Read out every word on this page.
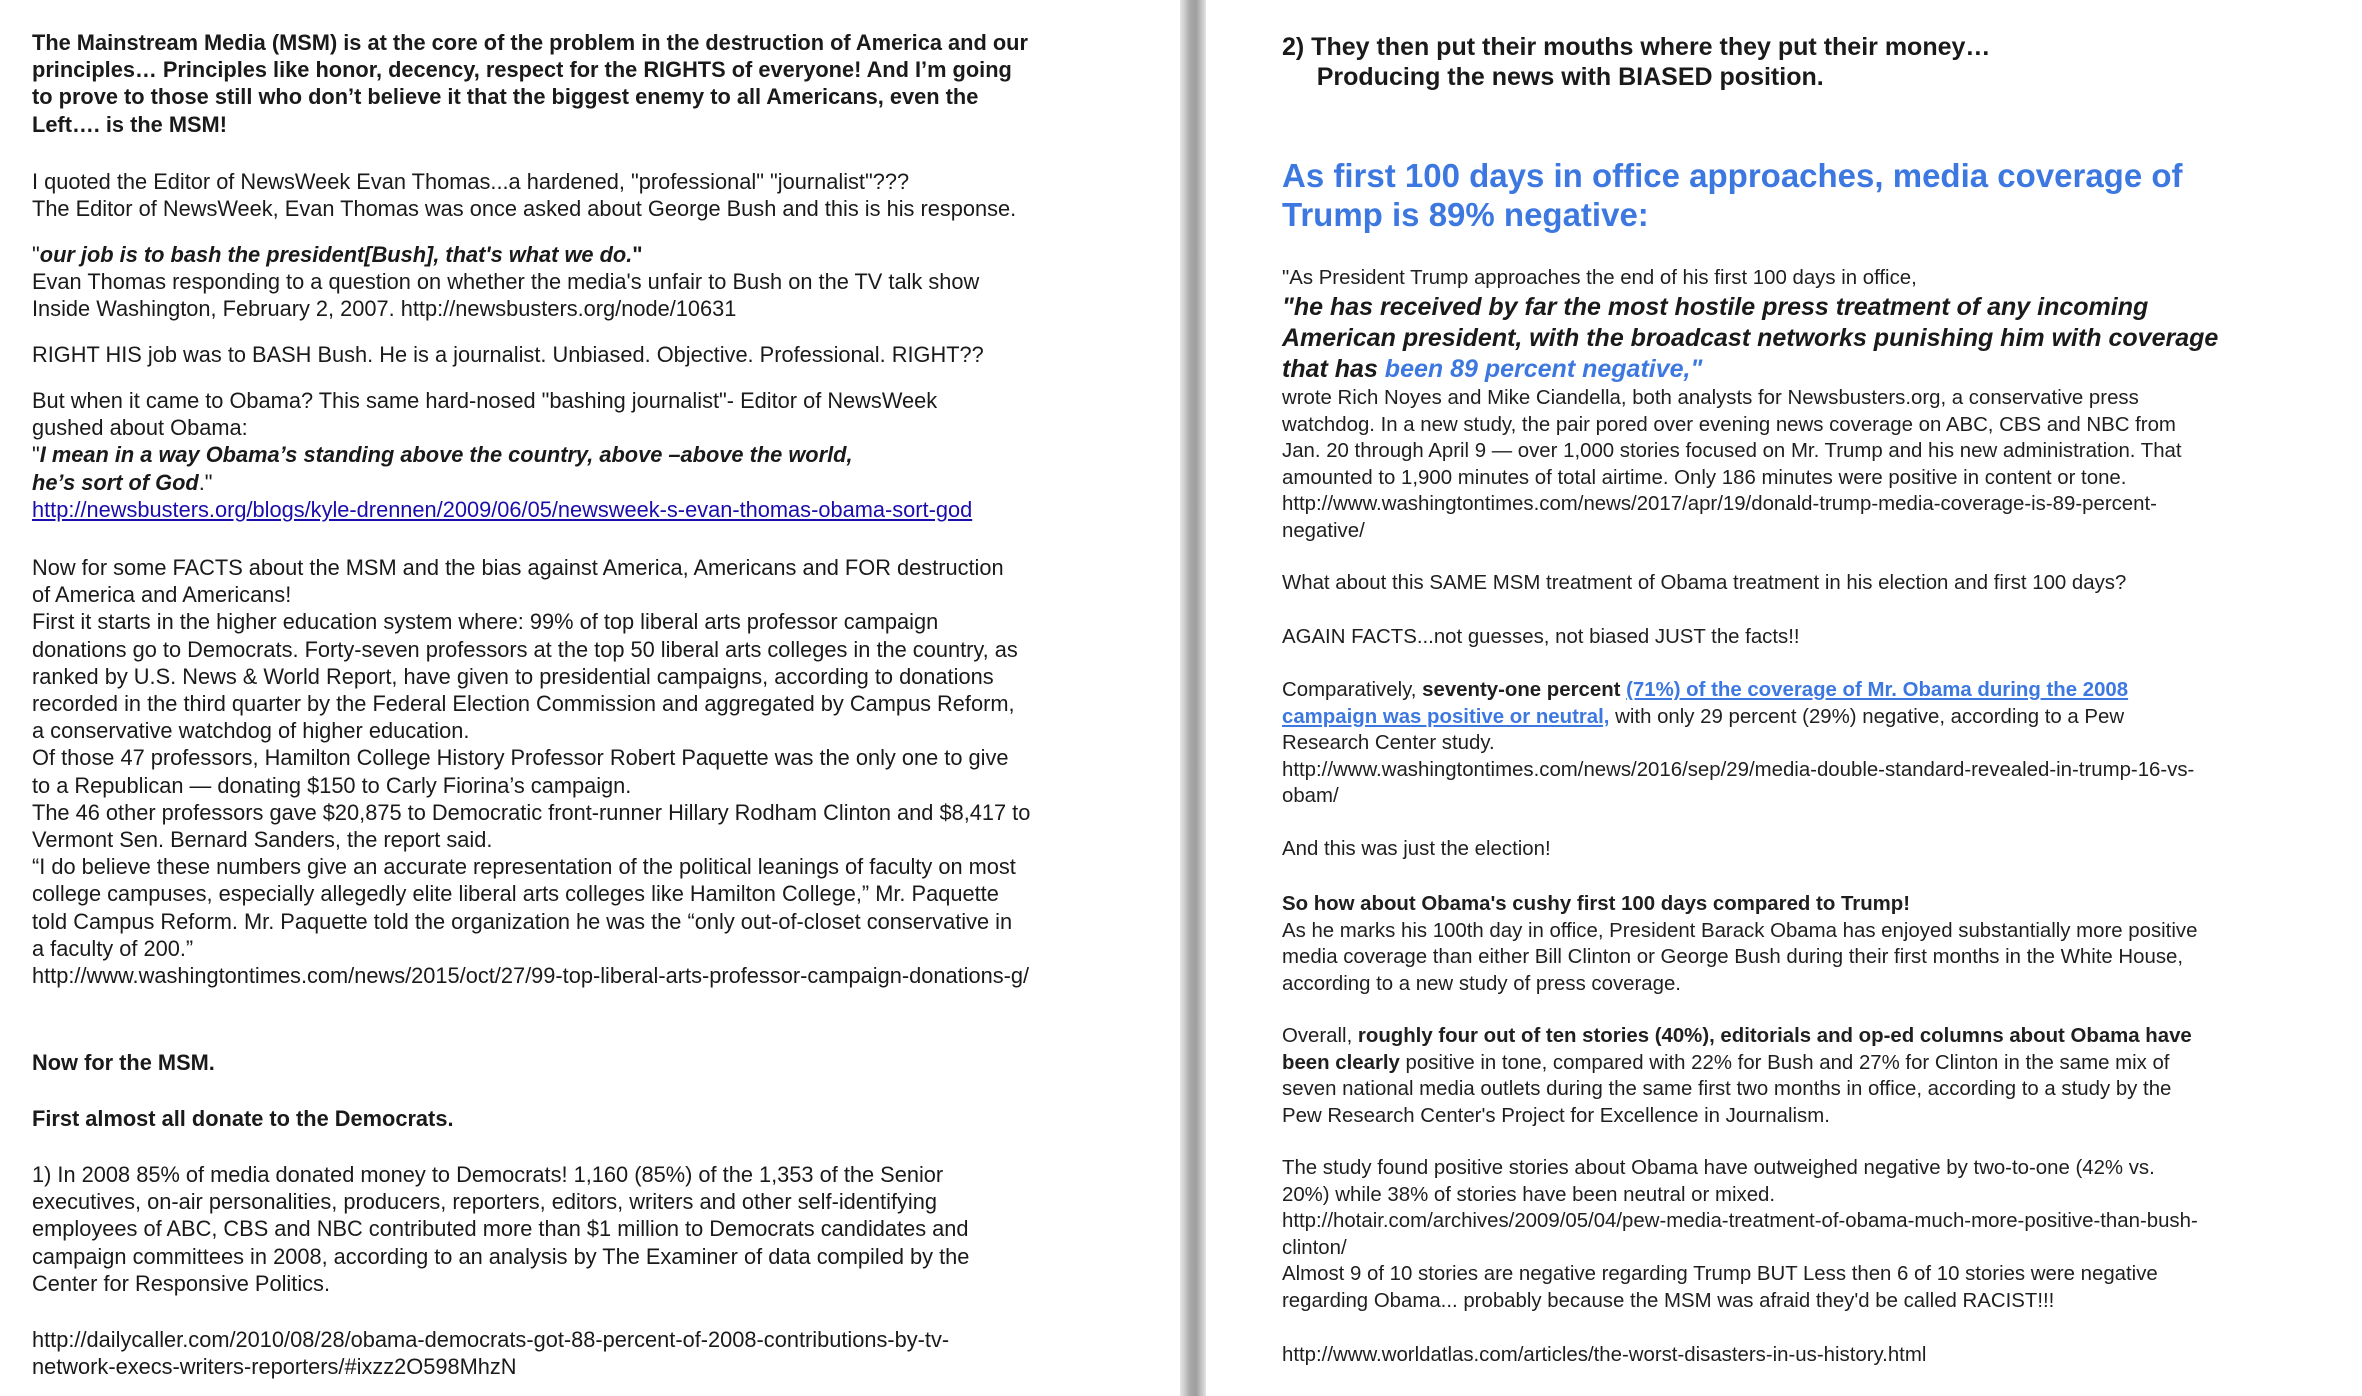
The Mainstream Media (MSM) is at the core of the problem in the destruction of America and our

principles… Principles like honor, decency, respect for the RIGHTS of everyone! And I’m going

to prove to those still who don’t believe it that the biggest enemy to all Americans, even the

Left…. is the MSM!

I quoted the Editor of NewsWeek Evan Thomas...a hardened, "professional" "journalist"???

The Editor of NewsWeek, Evan Thomas was once asked about George Bush and this is his response.

"our job is to bash the president[Bush], that's what we do."

Evan Thomas responding to a question on whether the media's unfair to Bush on the TV talk show

Inside Washington, February 2, 2007. http://newsbusters.org/node/10631

RIGHT HIS job was to BASH Bush. He is a journalist. Unbiased. Objective. Professional. RIGHT??

But when it came to Obama? This same hard-nosed "bashing journalist"- Editor of NewsWeek

gushed about Obama:

"I mean in a way Obama’s standing above the country, above –above the world,

he’s sort of God."

http://newsbusters.org/blogs/kyle-drennen/2009/06/05/newsweek-s-evan-thomas-obama-sort-god

Now for some FACTS about the MSM and the bias against America, Americans and FOR destruction

of America and Americans!

First it starts in the higher education system where: 99% of top liberal arts professor campaign

donations go to Democrats. Forty-seven professors at the top 50 liberal arts colleges in the country, as

ranked by U.S. News & World Report, have given to presidential campaigns, according to donations

recorded in the third quarter by the Federal Election Commission and aggregated by Campus Reform,

a conservative watchdog of higher education.

Of those 47 professors, Hamilton College History Professor Robert Paquette was the only one to give

to a Republican — donating $150 to Carly Fiorina’s campaign.

The 46 other professors gave $20,875 to Democratic front-runner Hillary Rodham Clinton and $8,417 to

Vermont Sen. Bernard Sanders, the report said.

“I do believe these numbers give an accurate representation of the political leanings of faculty on most

college campuses, especially allegedly elite liberal arts colleges like Hamilton College,” Mr. Paquette

told Campus Reform. Mr. Paquette told the organization he was the “only out-of-closet conservative in

a faculty of 200.”

http://www.washingtontimes.com/news/2015/oct/27/99-top-liberal-arts-professor-campaign-donations-g/

Now for the MSM.

First almost all donate to the Democrats.

1) In 2008 85% of media donated money to Democrats! 1,160 (85%) of the 1,353 of the Senior

executives, on-air personalities, producers, reporters, editors, writers and other self-identifying

employees of ABC, CBS and NBC contributed more than $1 million to Democrats candidates and

campaign committees in 2008, according to an analysis by The Examiner of data compiled by the

Center for Responsive Politics.

http://dailycaller.com/2010/08/28/obama-democrats-got-88-percent-of-2008-contributions-by-tv-

network-execs-writers-reporters/#ixzz2O598MhzN

2) They then put their mouths where they put their money…

Producing the news with BIASED position.

As first 100 days in office approaches, media coverage of

Trump is 89% negative:

"As President Trump approaches the end of his first 100 days in office,

"he has received by far the most hostile press treatment of any incoming

American president, with the broadcast networks punishing him with coverage

that has been 89 percent negative,"

wrote Rich Noyes and Mike Ciandella, both analysts for Newsbusters.org, a conservative press

watchdog. In a new study, the pair pored over evening news coverage on ABC, CBS and NBC from

Jan. 20 through April 9 — over 1,000 stories focused on Mr. Trump and his new administration. That

amounted to 1,900 minutes of total airtime. Only 186 minutes were positive in content or tone.

http://www.washingtontimes.com/news/2017/apr/19/donald-trump-media-coverage-is-89-percent-

negative/

What about this SAME MSM treatment of Obama treatment in his election and first 100 days?

AGAIN FACTS...not guesses, not biased JUST the facts!!

Comparatively, seventy-one percent (71%) of the coverage of Mr. Obama during the 2008

campaign was positive or neutral, with only 29 percent (29%) negative, according to a Pew

Research Center study.

http://www.washingtontimes.com/news/2016/sep/29/media-double-standard-revealed-in-trump-16-vs-

obam/

And this was just the election!

So how about Obama's cushy first 100 days compared to Trump!

As he marks his 100th day in office, President Barack Obama has enjoyed substantially more positive

media coverage than either Bill Clinton or George Bush during their first months in the White House,

according to a new study of press coverage.

Overall, roughly four out of ten stories (40%), editorials and op-ed columns about Obama have

been clearly positive in tone, compared with 22% for Bush and 27% for Clinton in the same mix of

seven national media outlets during the same first two months in office, according to a study by the

Pew Research Center's Project for Excellence in Journalism.

The study found positive stories about Obama have outweighed negative by two-to-one (42% vs.

20%) while 38% of stories have been neutral or mixed.

http://hotair.com/archives/2009/05/04/pew-media-treatment-of-obama-much-more-positive-than-bush-

clinton/

Almost 9 of 10 stories are negative regarding Trump BUT Less then 6 of 10 stories were negative

regarding Obama... probably because the MSM was afraid they'd be called RACIST!!!

http://www.worldatlas.com/articles/the-worst-disasters-in-us-history.html
